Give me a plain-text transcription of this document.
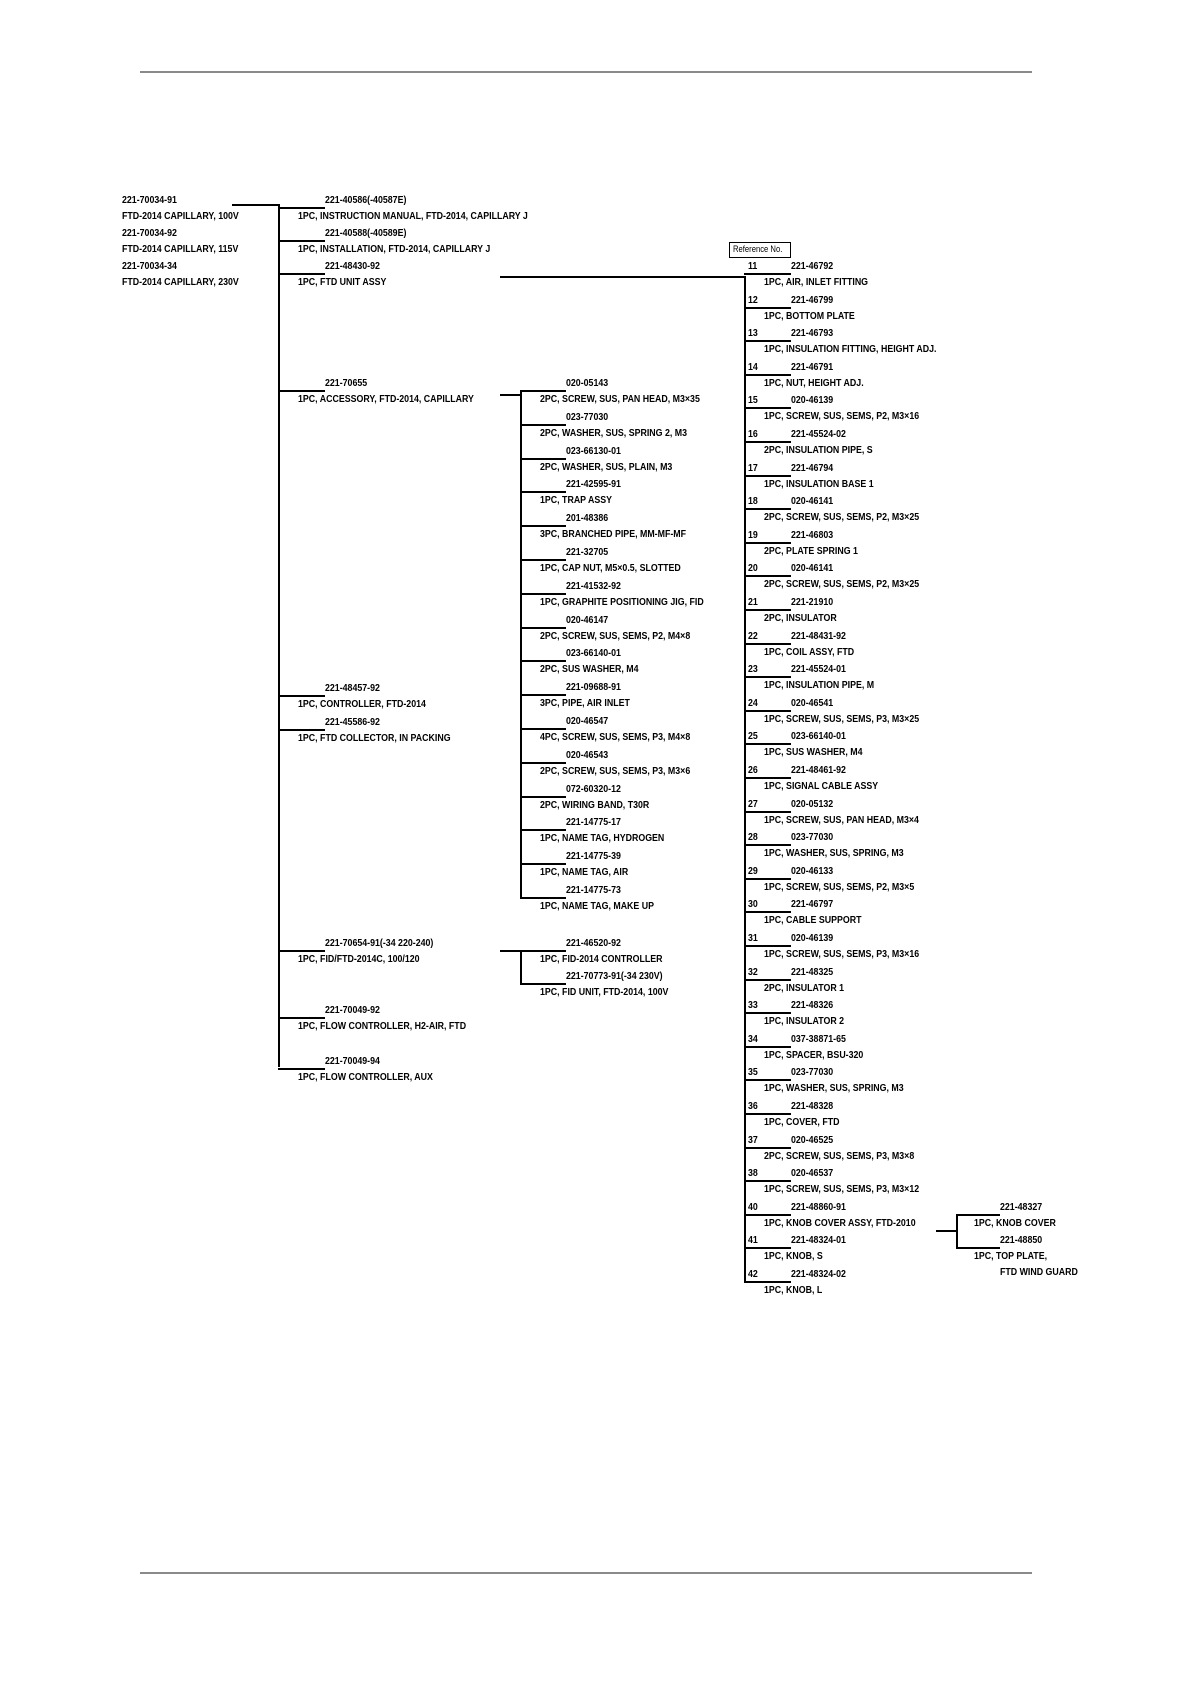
221-70034-91
FTD-2014 CAPILLARY, 100V
221-70034-92
FTD-2014 CAPILLARY, 115V
221-70034-34
FTD-2014 CAPILLARY, 230V
221-40586(-40587E)
1PC, INSTRUCTION MANUAL, FTD-2014, CAPILLARY J
221-40588(-40589E)
1PC, INSTALLATION, FTD-2014, CAPILLARY J
221-48430-92
1PC, FTD UNIT ASSY
221-70655
1PC, ACCESSORY, FTD-2014, CAPILLARY
221-48457-92
1PC, CONTROLLER, FTD-2014
221-45586-92
1PC, FTD COLLECTOR, IN PACKING
221-70654-91(-34 220-240)
1PC, FID/FTD-2014C, 100/120
221-70049-92
1PC, FLOW CONTROLLER, H2-AIR, FTD
221-70049-94
1PC, FLOW CONTROLLER, AUX
020-05143
2PC, SCREW, SUS, PAN HEAD, M3×35
023-77030
2PC, WASHER, SUS, SPRING 2, M3
023-66130-01
2PC, WASHER, SUS, PLAIN, M3
221-42595-91
1PC, TRAP ASSY
201-48386
3PC, BRANCHED PIPE, MM-MF-MF
221-32705
1PC, CAP NUT, M5×0.5, SLOTTED
221-41532-92
1PC, GRAPHITE POSITIONING JIG, FID
020-46147
2PC, SCREW, SUS, SEMS, P2, M4×8
023-66140-01
2PC, SUS WASHER, M4
221-09688-91
3PC, PIPE, AIR INLET
020-46547
4PC, SCREW, SUS, SEMS, P3, M4×8
020-46543
2PC, SCREW, SUS, SEMS, P3, M3×6
072-60320-12
2PC, WIRING BAND, T30R
221-14775-17
1PC, NAME TAG, HYDROGEN
221-14775-39
1PC, NAME TAG, AIR
221-14775-73
1PC, NAME TAG, MAKE UP
221-46520-92
1PC, FID-2014 CONTROLLER
221-70773-91(-34 230V)
1PC, FID UNIT, FTD-2014, 100V
11	221-46792
1PC, AIR, INLET FITTING
12	221-46799
1PC, BOTTOM PLATE
13	221-46793
1PC, INSULATION FITTING, HEIGHT ADJ.
14	221-46791
1PC, NUT, HEIGHT ADJ.
15	020-46139
1PC, SCREW, SUS, SEMS, P2, M3×16
16	221-45524-02
2PC, INSULATION PIPE, S
17	221-46794
1PC, INSULATION BASE 1
18	020-46141
2PC, SCREW, SUS, SEMS, P2, M3×25
19	221-46803
2PC, PLATE SPRING 1
20	020-46141
2PC, SCREW, SUS, SEMS, P2, M3×25
21	221-21910
2PC, INSULATOR
22	221-48431-92
1PC, COIL ASSY, FTD
23	221-45524-01
1PC, INSULATION PIPE, M
24	020-46541
1PC, SCREW, SUS, SEMS, P3, M3×25
25	023-66140-01
1PC, SUS WASHER, M4
26	221-48461-92
1PC, SIGNAL CABLE ASSY
27	020-05132
1PC, SCREW, SUS, PAN HEAD, M3×4
28	023-77030
1PC, WASHER, SUS, SPRING, M3
29	020-46133
1PC, SCREW, SUS, SEMS, P2, M3×5
30	221-46797
1PC, CABLE SUPPORT
31	020-46139
1PC, SCREW, SUS, SEMS, P3, M3×16
32	221-48325
2PC, INSULATOR 1
33	221-48326
1PC, INSULATOR 2
34	037-38871-65
1PC, SPACER, BSU-320
35	023-77030
1PC, WASHER, SUS, SPRING, M3
36	221-48328
1PC, COVER, FTD
37	020-46525
2PC, SCREW, SUS, SEMS, P3, M3×8
38	020-46537
1PC, SCREW, SUS, SEMS, P3, M3×12
40	221-48860-91
1PC, KNOB COVER ASSY, FTD-2010
41	221-48324-01
1PC, KNOB, S
42	221-48324-02
1PC, KNOB, L
221-48327
1PC, KNOB COVER
221-48850
1PC, TOP PLATE,
FTD WIND GUARD
Reference No.
